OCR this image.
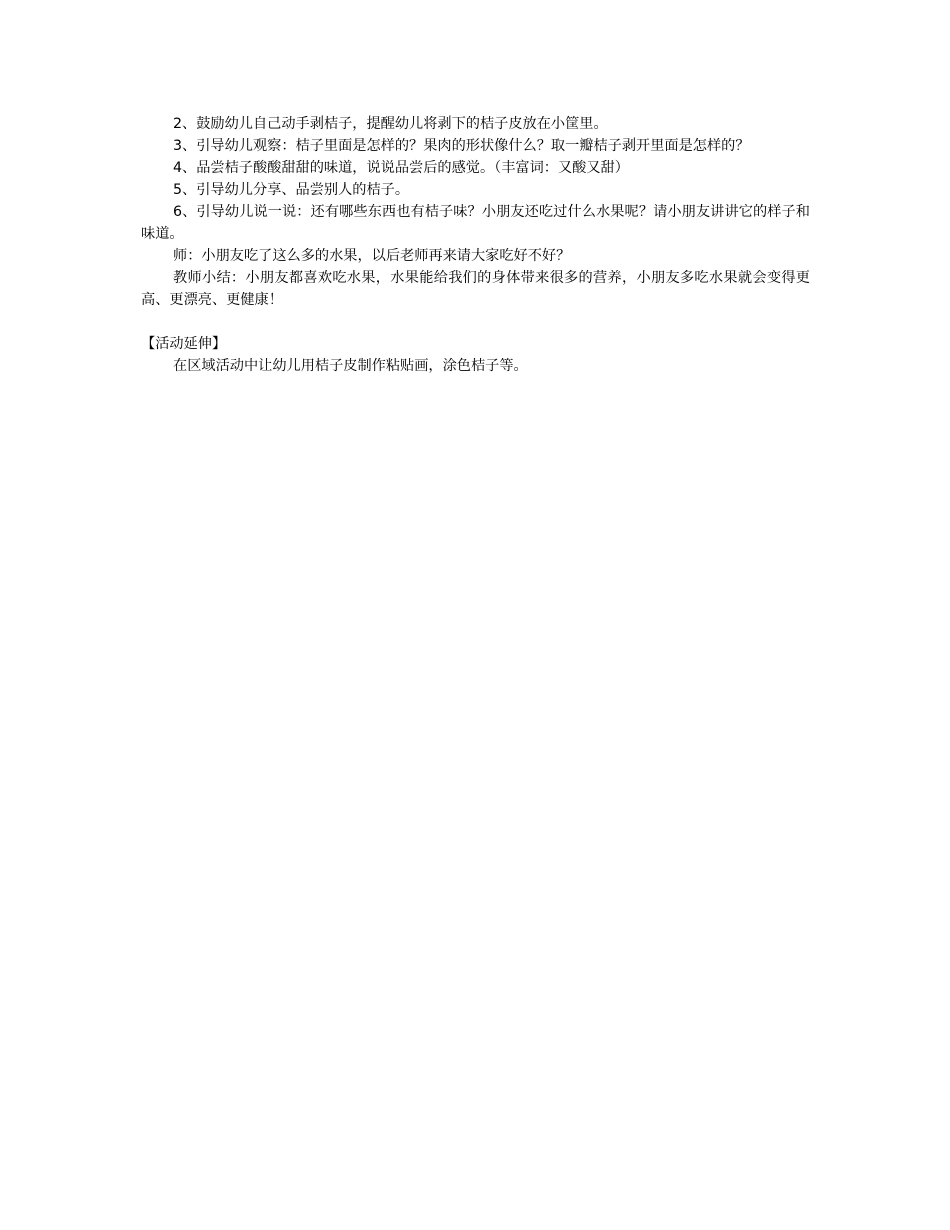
2、鼓励幼儿自己动手剥桔子，提醒幼儿将剥下的桔子皮放在小筐里。

3、引导幼儿观察：桔子里面是怎样的？果肉的形状像什么？取一瓣桔子剥开里面是怎样的？

4、品尝桔子酸酸甜甜的味道，说说品尝后的感觉。（丰富词：又酸又甜）

5、引导幼儿分享、品尝别人的桔子。

6、引导幼儿说一说：还有哪些东西也有桔子味？小朋友还吃过什么水果呢？请小朋友讲讲它的样子和味道。

师：小朋友吃了这么多的水果，以后老师再来请大家吃好不好？

教师小结：小朋友都喜欢吃水果，水果能给我们的身体带来很多的营养，小朋友多吃水果就会变得更高、更漂亮、更健康！

【活动延伸】

在区域活动中让幼儿用桔子皮制作粘贴画，涂色桔子等。
